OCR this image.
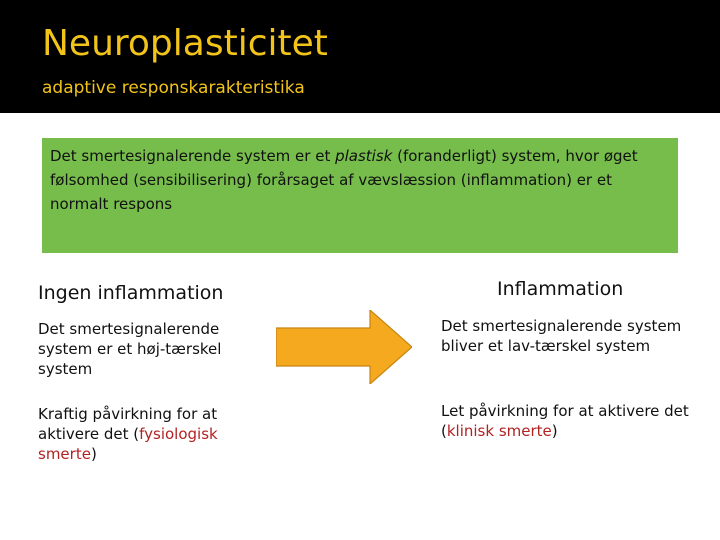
Neuroplasticitet
adaptive responskarakteristika
Det smertesignalerende system er et plastisk (foranderligt) system, hvor øget følsomhed (sensibilisering) forårsaget af vævslæssion (inflammation) er et normalt respons
Ingen inflammation	Inflammation
Det smertesignalerende system er et høj-tærskel system
Kraftig påvirkning for at aktivere det (fysiologisk smerte)
Det smertesignalerende system bliver et lav-tærskel system
Let påvirkning for at aktivere det (klinisk smerte)
